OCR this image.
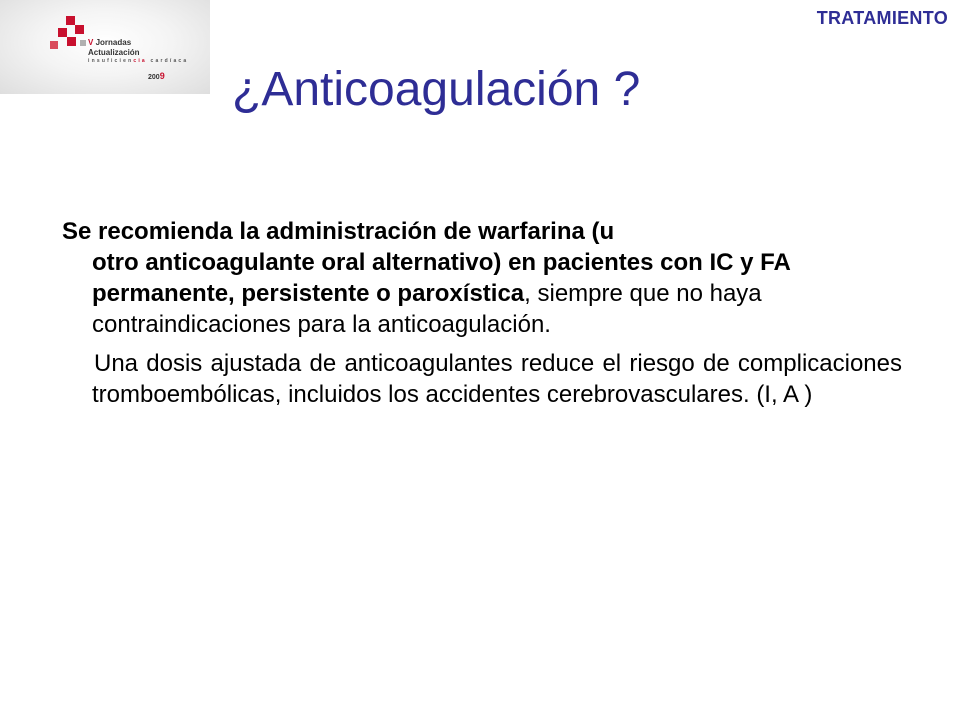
V Jornadas
Actualización
insuficiencia cardíaca
2009
TRATAMIENTO
¿Anticoagulación ?

Se recomienda la administración de warfarina (u
otro anticoagulante oral alternativo) en pacientes con IC y FA permanente, persistente o paroxística, siempre que no haya contraindicaciones para la anticoagulación.

Una dosis ajustada de anticoagulantes reduce el riesgo de complicaciones tromboembólicas, incluidos los accidentes cerebrovasculares. (I, A )
